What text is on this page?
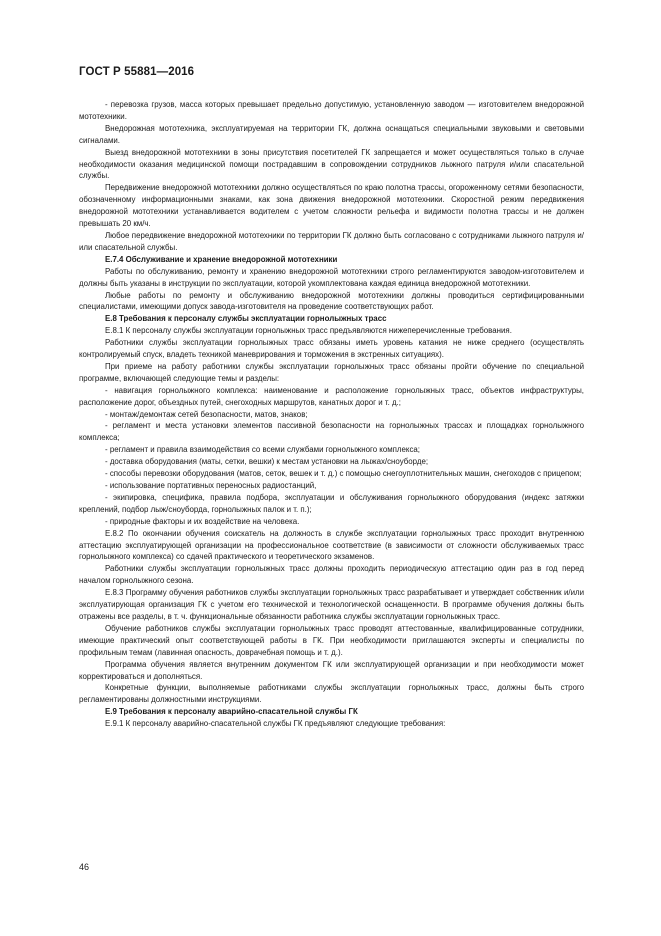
ГОСТ Р 55881—2016

- перевозка грузов, масса которых превышает предельно допустимую, установленную заводом — изготовителем внедорожной мототехники.

Внедорожная мототехника, эксплуатируемая на территории ГК, должна оснащаться специальными звуковыми и световыми сигналами.

Выезд внедорожной мототехники в зоны присутствия посетителей ГК запрещается и может осуществляться только в случае необходимости оказания медицинской помощи пострадавшим в сопровождении сотрудников лыжного патруля и/или спасательной службы.

Передвижение внедорожной мототехники должно осуществляться по краю полотна трассы, огороженному сетями безопасности, обозначенному информационными знаками, как зона движения внедорожной мототехники. Скоростной режим передвижения внедорожной мототехники устанавливается водителем с учетом сложности рельефа и видимости полотна трассы и не должен превышать 20 км/ч.

Любое передвижение внедорожной мототехники по территории ГК должно быть согласовано с сотрудниками лыжного патруля и/или спасательной службы.

E.7.4 Обслуживание и хранение внедорожной мототехники

Работы по обслуживанию, ремонту и хранению внедорожной мототехники строго регламентируются заводом-изготовителем и должны быть указаны в инструкции по эксплуатации, которой укомплектована каждая единица внедорожной мототехники.

Любые работы по ремонту и обслуживанию внедорожной мототехники должны проводиться сертифицированными специалистами, имеющими допуск завода-изготовителя на проведение соответствующих работ.

E.8 Требования к персоналу службы эксплуатации горнолыжных трасс

E.8.1 К персоналу службы эксплуатации горнолыжных трасс предъявляются нижеперечисленные требования.

Работники службы эксплуатации горнолыжных трасс обязаны иметь уровень катания не ниже среднего (осуществлять контролируемый спуск, владеть техникой маневрирования и торможения в экстренных ситуациях).

При приеме на работу работники службы эксплуатации горнолыжных трасс обязаны пройти обучение по специальной программе, включающей следующие темы и разделы:

- навигация горнолыжного комплекса: наименование и расположение горнолыжных трасс, объектов инфраструктуры, расположение дорог, объездных путей, снегоходных маршрутов, канатных дорог и т. д.;

- монтаж/демонтаж сетей безопасности, матов, знаков;

- регламент и места установки элементов пассивной безопасности на горнолыжных трассах и площадках горнолыжного комплекса;

- регламент и правила взаимодействия со всеми службами горнолыжного комплекса;

- доставка оборудования (маты, сетки, вешки) к местам установки на лыжах/сноуборде;

- способы перевозки оборудования (матов, сеток, вешек и т. д.) с помощью снегоуплотнительных машин, снегоходов с прицепом;

- использование портативных переносных радиостанций,

- экипировка, специфика, правила подбора, эксплуатации и обслуживания горнолыжного оборудования (индекс затяжки креплений, подбор лыж/сноуборда, горнолыжных палок и т. п.);

- природные факторы и их воздействие на человека.

E.8.2 По окончании обучения соискатель на должность в службе эксплуатации горнолыжных трасс проходит внутреннюю аттестацию эксплуатирующей организации на профессиональное соответствие (в зависимости от сложности обслуживаемых трасс горнолыжного комплекса) со сдачей практического и теоретического экзаменов.

Работники службы эксплуатации горнолыжных трасс должны проходить периодическую аттестацию один раз в год перед началом горнолыжного сезона.

E.8.3 Программу обучения работников службы эксплуатации горнолыжных трасс разрабатывает и утверждает собственник и/или эксплуатирующая организация ГК с учетом его технической и технологической оснащенности. В программе обучения должны быть отражены все разделы, в т. ч. функциональные обязанности работника службы эксплуатации горнолыжных трасс.

Обучение работников службы эксплуатации горнолыжных трасс проводят аттестованные, квалифицированные сотрудники, имеющие практический опыт соответствующей работы в ГК. При необходимости приглашаются эксперты и специалисты по профильным темам (лавинная опасность, доврачебная помощь и т. д.).

Программа обучения является внутренним документом ГК или эксплуатирующей организации и при необходимости может корректироваться и дополняться.

Конкретные функции, выполняемые работниками службы эксплуатации горнолыжных трасс, должны быть строго регламентированы должностными инструкциями.

E.9 Требования к персоналу аварийно-спасательной службы ГК

E.9.1 К персоналу аварийно-спасательной службы ГК предъявляют следующие требования:

46
